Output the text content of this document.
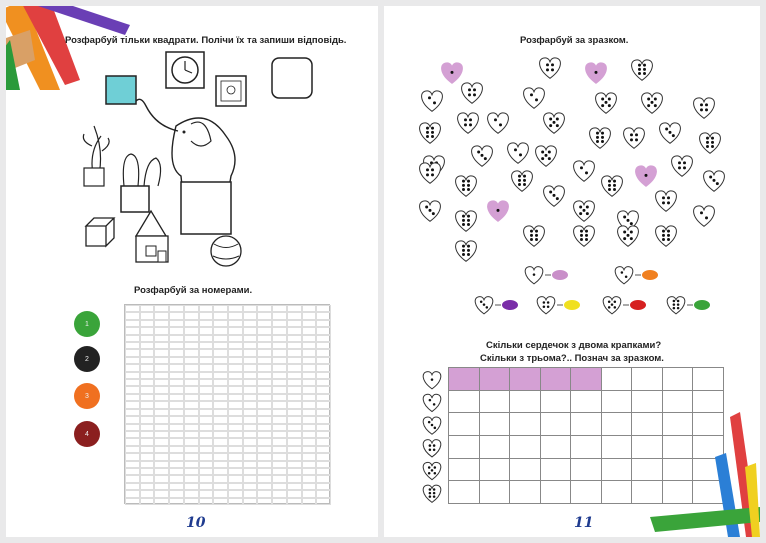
Розфарбуй тільки квадрати. Полічи їх та запиши відповідь.
Розфарбуй за номерами.
1
2
3
4
10
Розфарбуй за зразком.
Скільки сердечок з двома крапками?
Скільки з трьома?.. Познач за зразком.

11
